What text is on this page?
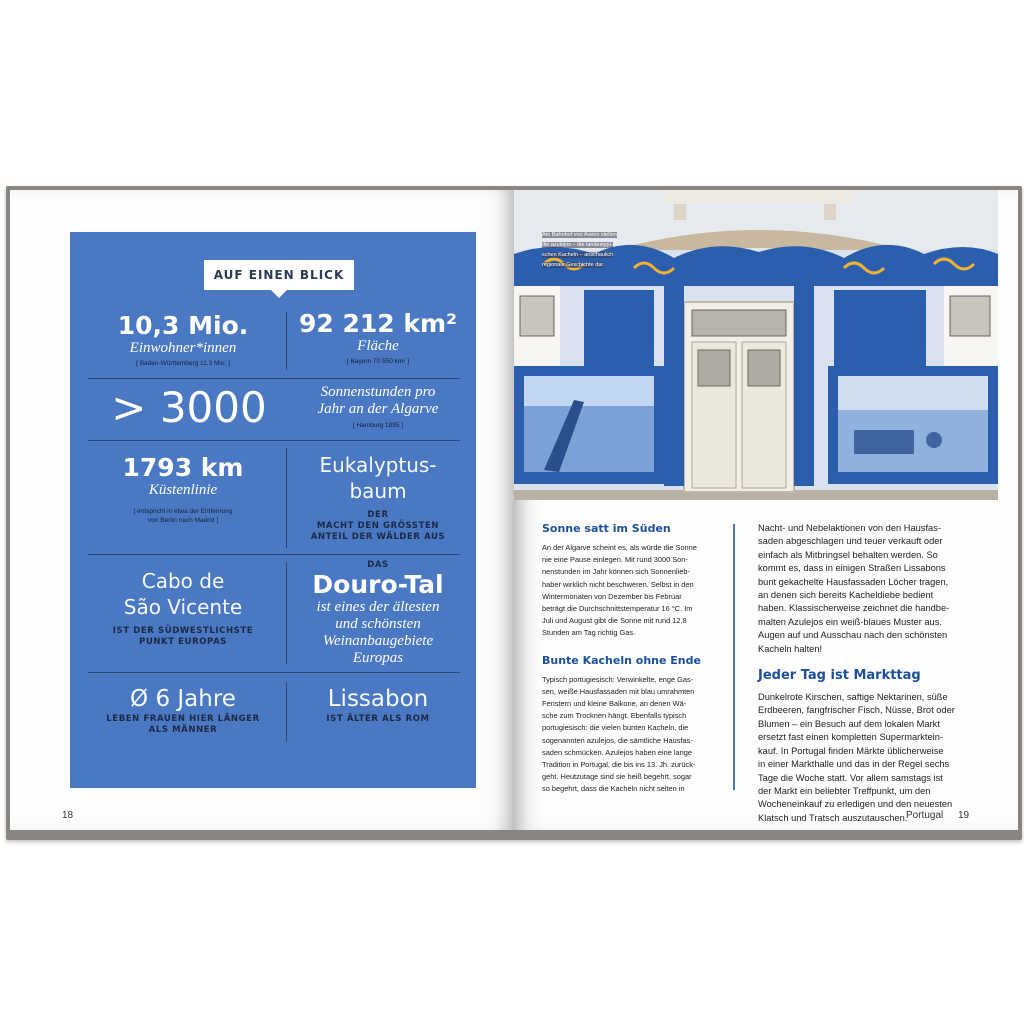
AUF EINEN BLICK
10,3 Mio.
Einwohner*innen
[ Baden-Württemberg 11,3 Mio. ]
92 212 km²
Fläche
[ Bayern 70 550 km² ]
> 3000	Sonnenstunden pro
Jahr an der Algarve
[ Hamburg 1895 ]
1793 km
Küstenlinie
[ entspricht in etwa der Entfernung
von Berlin nach Madrid ]
Eukalyptus-
baum
DER
MACHT DEN GRÖSSTEN
ANTEIL DER WÄLDER AUS
Cabo de
São Vicente
IST DER SÜDWESTLICHSTE
PUNKT EUROPAS
DAS
Douro-Tal
ist eines der ältesten
und schönsten
Weinanbaugebiete
Europas
Ø 6 Jahre
LEBEN FRAUEN HIER LÄNGER
ALS MÄNNER
Lissabon
IST ÄLTER ALS ROM
18
Am Bahnhof von Aveiro stellen
die azulejos – die landestypi-
schen Kacheln – anschaulich
regionale Geschichte dar
Sonne satt im Süden
An der Algarve scheint es, als würde die Sonne
nie eine Pause einlegen. Mit rund 3000 Son-
nenstunden im Jahr können sich Sonnenlieb-
haber wirklich nicht beschweren. Selbst in den
Wintermonaten von Dezember bis Februar
beträgt die Durchschnittstemperatur 16 °C. Im
Juli und August gibt die Sonne mit rund 12,8
Stunden am Tag richtig Gas.
Bunte Kacheln ohne Ende
Typisch portugiesisch: Verwinkelte, enge Gas-
sen, weiße Hausfassaden mit blau umrahmten
Fenstern und kleine Balkone, an denen Wä-
sche zum Trocknen hängt. Ebenfalls typisch
portugiesisch: die vielen bunten Kacheln, die
sogenannten azulejos, die sämtliche Hausfas-
saden schmücken. Azulejos haben eine lange
Tradition in Portugal, die bis ins 13. Jh. zurück-
geht. Heutzutage sind sie heiß begehrt, sogar
so begehrt, dass die Kacheln nicht selten in
Nacht- und Nebelaktionen von den Hausfas-
saden abgeschlagen und teuer verkauft oder
einfach als Mitbringsel behalten werden. So
kommt es, dass in einigen Straßen Lissabons
bunt gekachelte Hausfassaden Löcher tragen,
an denen sich bereits Kacheldiebe bedient
haben. Klassischerweise zeichnet die handbe-
malten Azulejos ein weiß-blaues Muster aus.
Augen auf und Ausschau nach den schönsten
Kacheln halten!
Jeder Tag ist Markttag
Dunkelrote Kirschen, saftige Nektarinen, süße
Erdbeeren, fangfrischer Fisch, Nüsse, Brot oder
Blumen – ein Besuch auf dem lokalen Markt
ersetzt fast einen kompletten Supermarktein-
kauf. In Portugal finden Märkte üblicherweise
in einer Markthalle und das in der Regel sechs
Tage die Woche statt. Vor allem samstags ist
der Markt ein beliebter Treffpunkt, um den
Wocheneinkauf zu erledigen und den neuesten
Klatsch und Tratsch auszutauschen.
Portugal 19
